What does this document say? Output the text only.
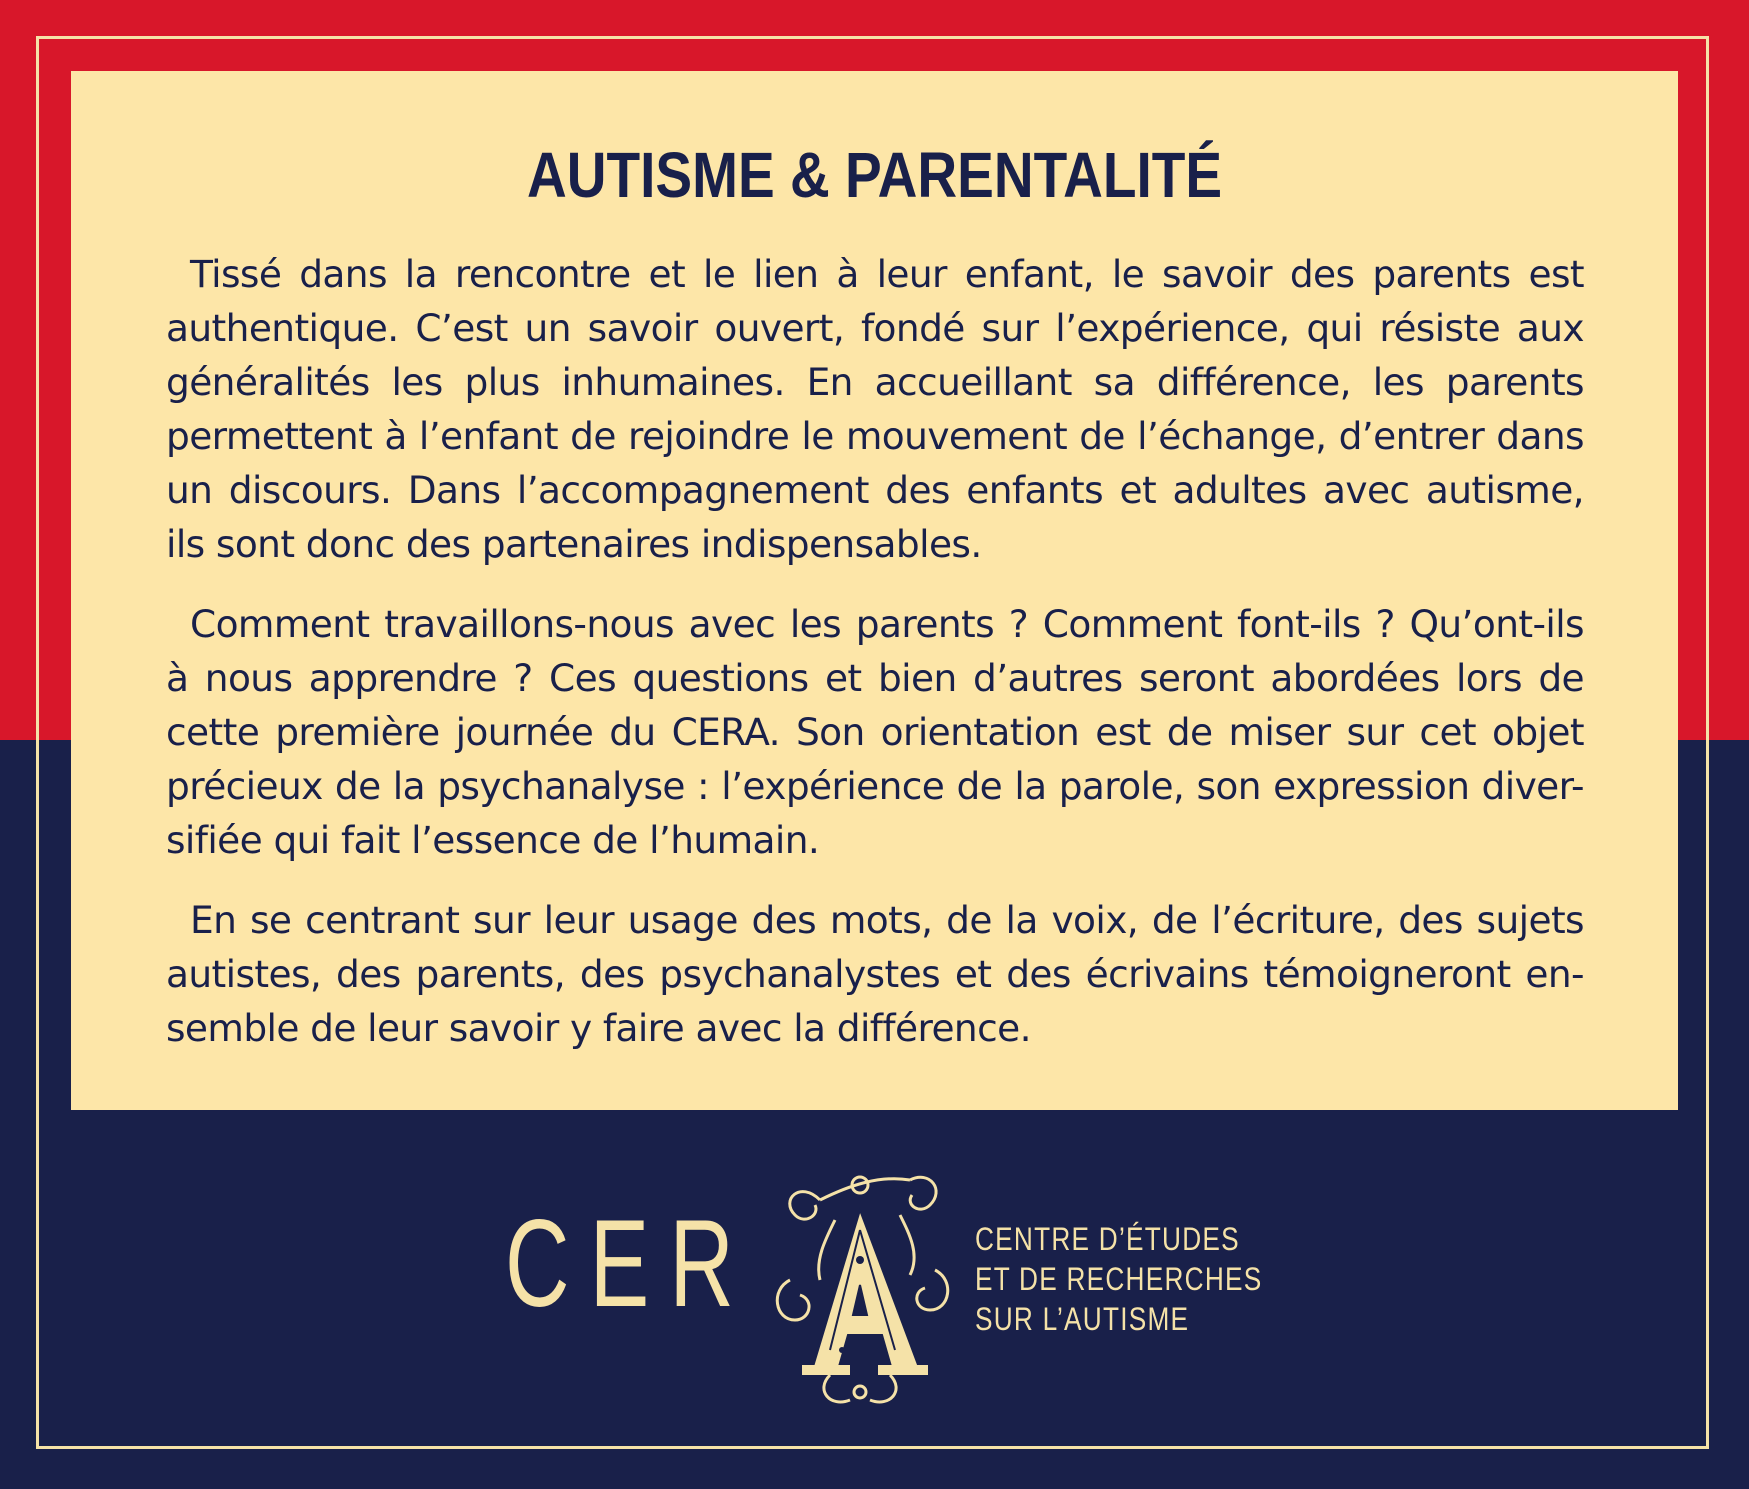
AUTISME & PARENTALITÉ

Tissé dans la rencontre et le lien à leur enfant, le savoir des parents est authentique. C’est un savoir ouvert, fondé sur l’expérience, qui résiste aux généralités les plus inhumaines. En accueillant sa différence, les parents permettent à l’enfant de rejoindre le mouvement de l’échange, d’entrer dans un discours. Dans l’accompagnement des enfants et adultes avec autisme, ils sont donc des partenaires indispensables.

Comment travaillons-nous avec les parents ? Comment font-ils ? Qu’ont-ils à nous apprendre ? Ces questions et bien d’autres seront abordées lors de cette première journée du CERA. Son orientation est de miser sur cet objet précieux de la psychanalyse : l’expérience de la parole, son expression diver-sifiée qui fait l’essence de l’humain.

En se centrant sur leur usage des mots, de la voix, de l’écriture, des sujets autistes, des parents, des psychanalystes et des écrivains témoigneront en-semble de leur savoir y faire avec la différence.

CER	CENTRE D’ÉTUDES
ET DE RECHERCHES
SUR L’AUTISME
